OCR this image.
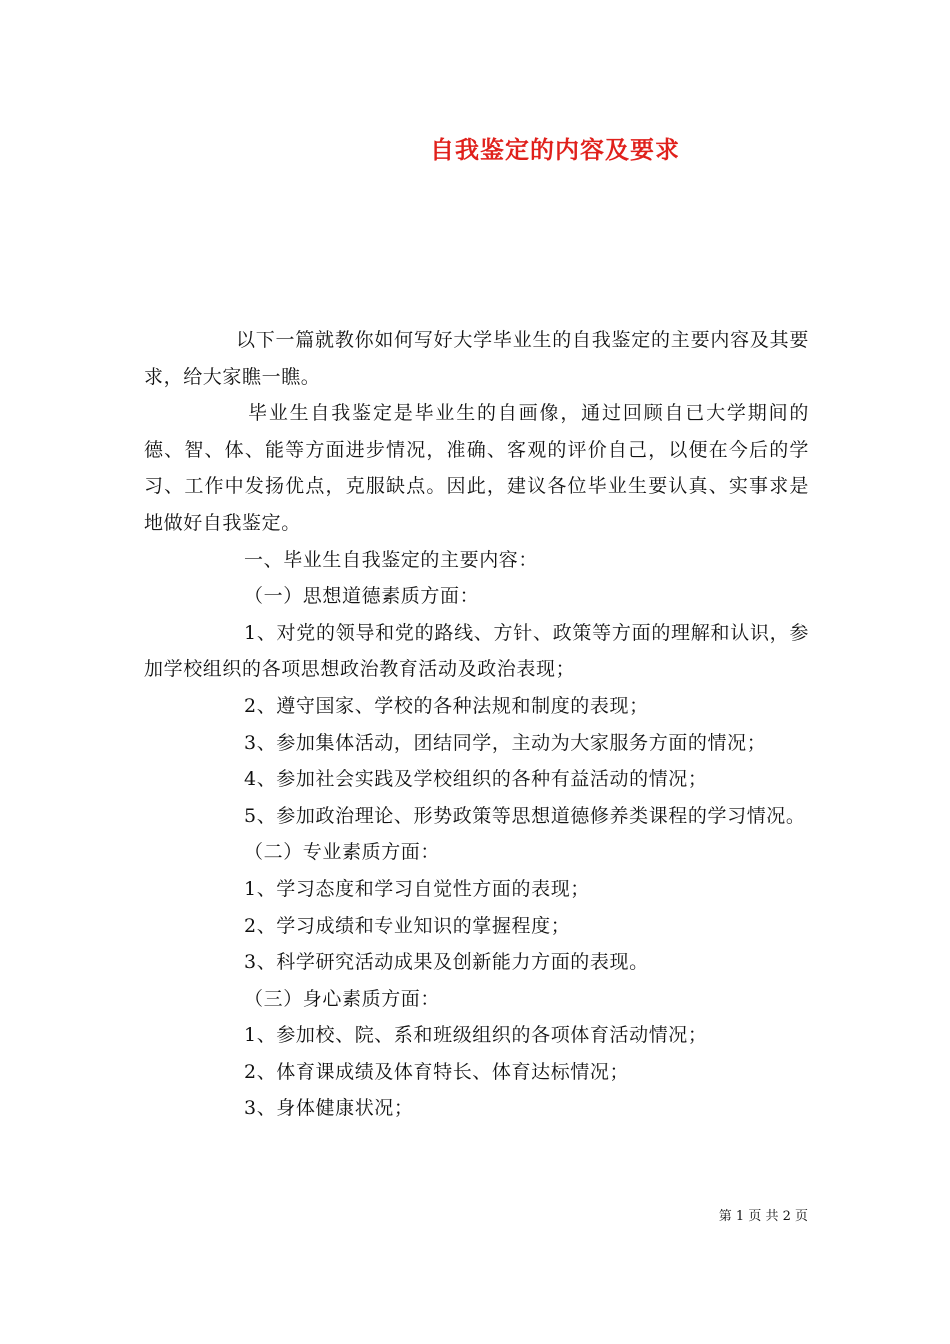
自我鉴定的内容及要求

以下一篇就教你如何写好大学毕业生的自我鉴定的主要内容及其要求，给大家瞧一瞧。

毕业生自我鉴定是毕业生的自画像，通过回顾自已大学期间的德、智、体、能等方面进步情况，准确、客观的评价自己，以便在今后的学习、工作中发扬优点，克服缺点。因此，建议各位毕业生要认真、实事求是地做好自我鉴定。

一、毕业生自我鉴定的主要内容：

（一）思想道德素质方面：

1、对党的领导和党的路线、方针、政策等方面的理解和认识，参加学校组织的各项思想政治教育活动及政治表现；

2、遵守国家、学校的各种法规和制度的表现；

3、参加集体活动，团结同学，主动为大家服务方面的情况；

4、参加社会实践及学校组织的各种有益活动的情况；

5、参加政治理论、形势政策等思想道德修养类课程的学习情况。

（二）专业素质方面：

1、学习态度和学习自觉性方面的表现；

2、学习成绩和专业知识的掌握程度；

3、科学研究活动成果及创新能力方面的表现。

（三）身心素质方面：

1、参加校、院、系和班级组织的各项体育活动情况；

2、体育课成绩及体育特长、体育达标情况；

3、身体健康状况；

第 1 页 共 2 页
